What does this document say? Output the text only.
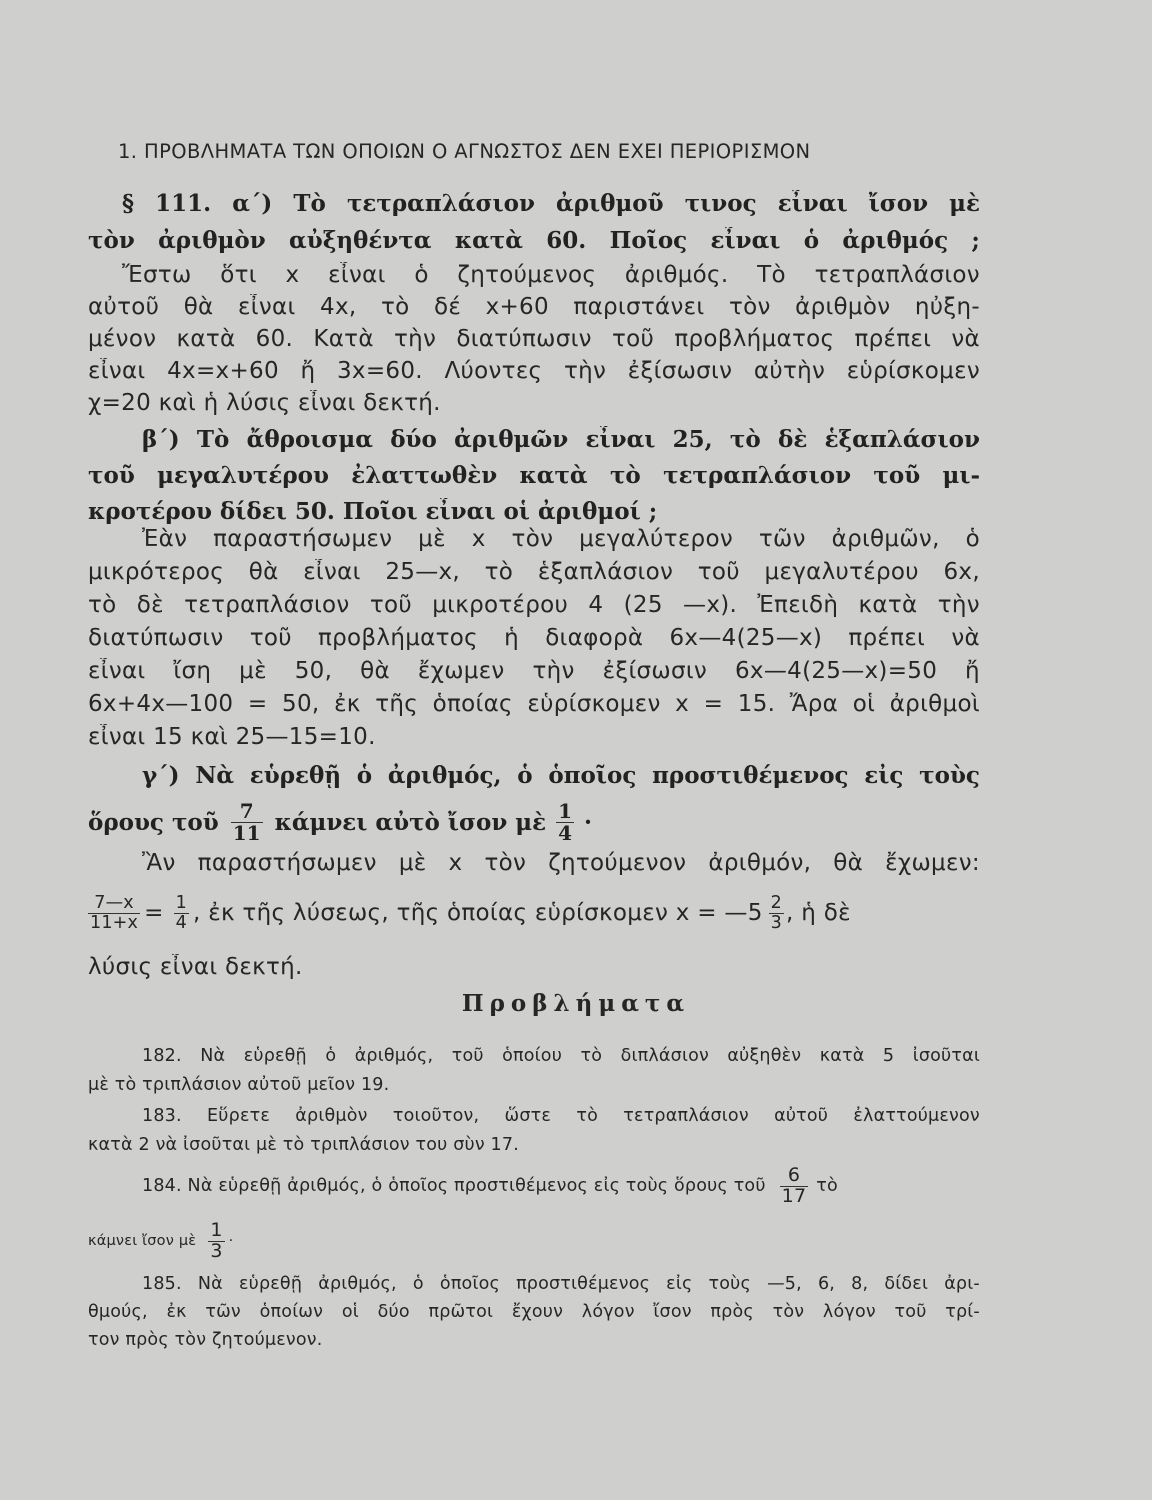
1. ΠΡΟΒΛΗΜΑΤΑ ΤΩΝ ΟΠΟΙΩΝ Ο ΑΓΝΩΣΤΟΣ ΔΕΝ ΕΧΕΙ ΠΕΡΙΟΡΙΣΜΟΝ
§ 111. α΄) Τὸ τετραπλάσιον ἀριθμοῦ τινος εἶναι ἴσον μὲ
τὸν ἀριθμὸν αὐξηθέντα κατὰ 60. Ποῖος εἶναι ὁ ἀριθμός ;
Ἔστω ὅτι x εἶναι ὁ ζητούμενος ἀριθμός. Τὸ τετραπλάσιον
αὐτοῦ θὰ εἶναι 4x, τὸ δέ x+60 παριστάνει τὸν ἀριθμὸν ηὐξη-
μένον κατὰ 60. Κατὰ τὴν διατύπωσιν τοῦ προβλήματος πρέπει νὰ
εἶναι 4x=x+60 ἤ 3x=60. Λύοντες τὴν ἐξίσωσιν αὐτὴν εὑρίσκομεν
χ=20 καὶ ἡ λύσις εἶναι δεκτή.
β΄) Τὸ ἄθροισμα δύο ἀριθμῶν εἶναι 25, τὸ δὲ ἑξαπλάσιον
τοῦ μεγαλυτέρου ἐλαττωθὲν κατὰ τὸ τετραπλάσιον τοῦ μι-
κροτέρου δίδει 50. Ποῖοι εἶναι οἱ ἀριθμοί ;
Ἐὰν παραστήσωμεν μὲ x τὸν μεγαλύτερον τῶν ἀριθμῶν, ὁ
μικρότερος θὰ εἶναι 25—x, τὸ ἑξαπλάσιον τοῦ μεγαλυτέρου 6x,
τὸ δὲ τετραπλάσιον τοῦ μικροτέρου 4 (25 —x). Ἐπειδὴ κατὰ τὴν
διατύπωσιν τοῦ προβλήματος ἡ διαφορὰ 6x—4(25—x) πρέπει νὰ
εἶναι ἴση μὲ 50, θὰ ἔχωμεν τὴν ἐξίσωσιν 6x—4(25—x)=50 ἤ
6x+4x—100 = 50, ἐκ τῆς ὁποίας εὑρίσκομεν x = 15. Ἄρα οἱ ἀριθμοὶ
εἶναι 15 καὶ 25—15=10.
γ΄) Νὰ εὑρεθῇ ὁ ἀριθμός, ὁ ὁποῖος προστιθέμενος εἰς τοὺς
ὅρους τοῦ $\frac{7}{11}$ κάμνει αὐτὸ ἴσον μὲ $\frac{1}{4}$ ·
Ἂν παραστήσωμεν μὲ x τὸν ζητούμενον ἀριθμόν, θὰ ἔχωμεν:
$\frac{7—x}{11+x} = \frac{1}{4}$ , ἐκ τῆς λύσεως, τῆς ὁποίας εὑρίσκομεν x = —5 $\frac{2}{3}$ , ἡ δὲ
λύσις εἶναι δεκτή.
Προβλήματα
182. Νὰ εὑρεθῇ ὁ ἀριθμός, τοῦ ὁποίου τὸ διπλάσιον αὐξηθὲν κατὰ 5 ἰσοῦται
μὲ τὸ τριπλάσιον αὐτοῦ μεῖον 19.
183. Εὕρετε ἀριθμὸν τοιοῦτον, ὥστε τὸ τετραπλάσιον αὐτοῦ ἐλαττούμενον
κατὰ 2 νὰ ἰσοῦται μὲ τὸ τριπλάσιον του σὺν 17.
184. Νὰ εὑρεθῇ ἀριθμός, ὁ ὁποῖος προστιθέμενος εἰς τοὺς ὅρους τοῦ $\frac{6}{17}$ τὸ
κάμνει ἴσον μὲ $\frac{1}{3}$ ·
185. Νὰ εὑρεθῇ ἀριθμός, ὁ ὁποῖος προστιθέμενος εἰς τοὺς —5, 6, 8, δίδει ἀρι-
θμούς, ἐκ τῶν ὁποίων οἱ δύο πρῶτοι ἔχουν λόγον ἴσον πρὸς τὸν λόγον τοῦ τρί-
τον πρὸς τὸν ζητούμενον.
